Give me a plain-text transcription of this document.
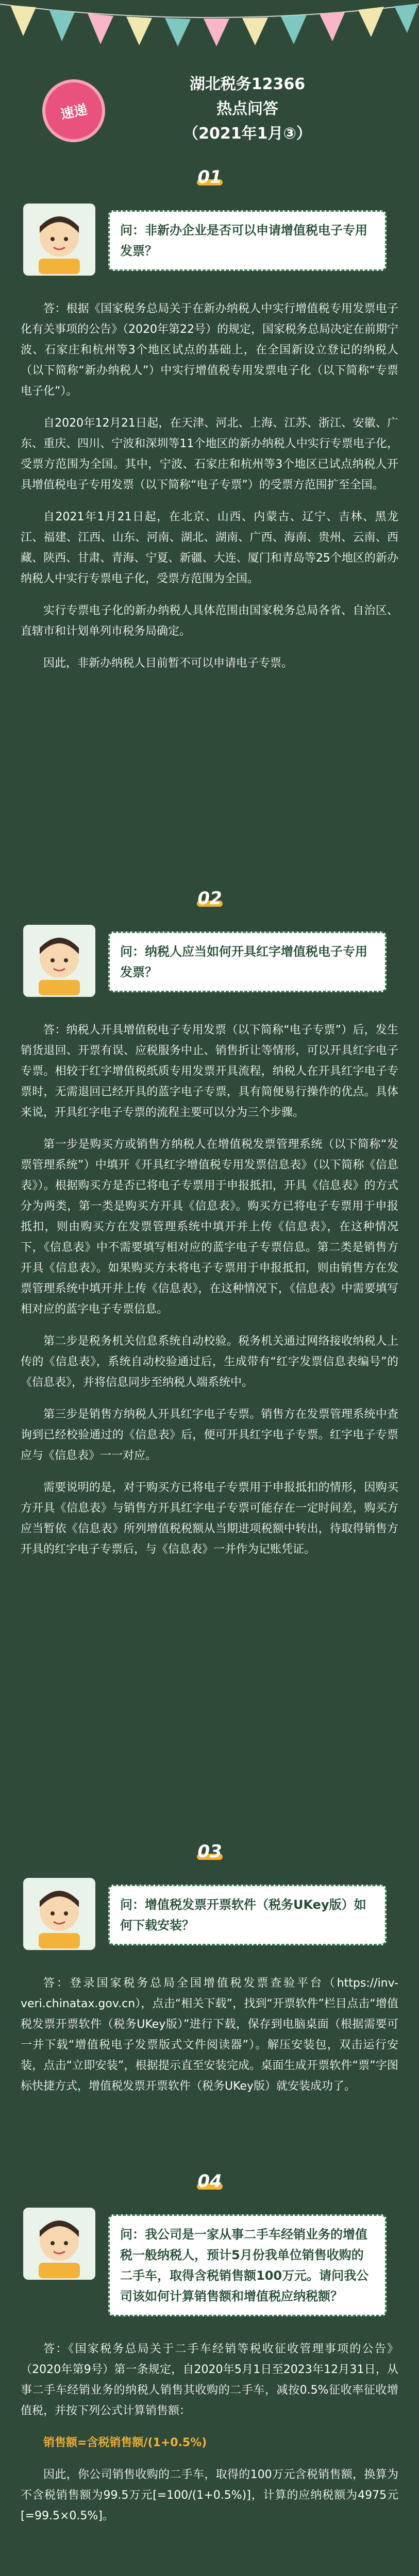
速递
湖北税务12366
热点问答
（2021年1月③）
01
问：非新办企业是否可以申请增值税电子专用发票？

答：根据《国家税务总局关于在新办纳税人中实行增值税专用发票电子化有关事项的公告》（2020年第22号）的规定，国家税务总局决定在前期宁波、石家庄和杭州等3个地区试点的基础上，在全国新设立登记的纳税人（以下简称“新办纳税人”）中实行增值税专用发票电子化（以下简称“专票电子化”）。

自2020年12月21日起，在天津、河北、上海、江苏、浙江、安徽、广东、重庆、四川、宁波和深圳等11个地区的新办纳税人中实行专票电子化，受票方范围为全国。其中，宁波、石家庄和杭州等3个地区已试点纳税人开具增值税电子专用发票（以下简称“电子专票”）的受票方范围扩至全国。

自2021年1月21日起，在北京、山西、内蒙古、辽宁、吉林、黑龙江、福建、江西、山东、河南、湖北、湖南、广西、海南、贵州、云南、西藏、陕西、甘肃、青海、宁夏、新疆、大连、厦门和青岛等25个地区的新办纳税人中实行专票电子化，受票方范围为全国。

实行专票电子化的新办纳税人具体范围由国家税务总局各省、自治区、直辖市和计划单列市税务局确定。

因此，非新办纳税人目前暂不可以申请电子专票。

02
问：纳税人应当如何开具红字增值税电子专用发票？

答：纳税人开具增值税电子专用发票（以下简称“电子专票”）后，发生销货退回、开票有误、应税服务中止、销售折让等情形，可以开具红字电子专票。相较于红字增值税纸质专用发票开具流程，纳税人在开具红字电子专票时，无需退回已经开具的蓝字电子专票，具有简便易行操作的优点。具体来说，开具红字电子专票的流程主要可以分为三个步骤。

第一步是购买方或销售方纳税人在增值税发票管理系统（以下简称“发票管理系统”）中填开《开具红字增值税专用发票信息表》（以下简称《信息表》）。根据购买方是否已将电子专票用于申报抵扣，开具《信息表》的方式分为两类，第一类是购买方开具《信息表》。购买方已将电子专票用于申报抵扣，则由购买方在发票管理系统中填开并上传《信息表》，在这种情况下，《信息表》中不需要填写相对应的蓝字电子专票信息。第二类是销售方开具《信息表》。如果购买方未将电子专票用于申报抵扣，则由销售方在发票管理系统中填开并上传《信息表》，在这种情况下，《信息表》中需要填写相对应的蓝字电子专票信息。

第二步是税务机关信息系统自动校验。税务机关通过网络接收纳税人上传的《信息表》，系统自动校验通过后，生成带有“红字发票信息表编号”的《信息表》，并将信息同步至纳税人端系统中。

第三步是销售方纳税人开具红字电子专票。销售方在发票管理系统中查询到已经校验通过的《信息表》后，便可开具红字电子专票。红字电子专票应与《信息表》一一对应。

需要说明的是，对于购买方已将电子专票用于申报抵扣的情形，因购买方开具《信息表》与销售方开具红字电子专票可能存在一定时间差，购买方应当暂依《信息表》所列增值税税额从当期进项税额中转出，待取得销售方开具的红字电子专票后，与《信息表》一并作为记账凭证。

03
问：增值税发票开票软件（税务UKey版）如何下载安装？

答：登录国家税务总局全国增值税发票查验平台（https://inv-veri.chinatax.gov.cn），点击“相关下载”，找到“开票软件”栏目点击“增值税发票开票软件（税务UKey版）”进行下载，保存到电脑桌面（根据需要可一并下载“增值税电子发票版式文件阅读器”）。解压安装包，双击运行安装，点击“立即安装”，根据提示直至安装完成。桌面生成开票软件“票”字图标快捷方式，增值税发票开票软件（税务UKey版）就安装成功了。

04
问：我公司是一家从事二手车经销业务的增值税一般纳税人，预计5月份我单位销售收购的二手车，取得含税销售额100万元。请问我公司该如何计算销售额和增值税应纳税额？

答：《国家税务总局关于二手车经销等税收征收管理事项的公告》（2020年第9号）第一条规定，自2020年5月1日至2023年12月31日，从事二手车经销业务的纳税人销售其收购的二手车，减按0.5%征收率征收增值税，并按下列公式计算销售额：

销售额=含税销售额/(1+0.5%)

因此，你公司销售收购的二手车，取得的100万元含税销售额，换算为不含税销售额为99.5万元[=100/(1+0.5%)]，计算的应纳税额为4975元[=99.5×0.5%]。
